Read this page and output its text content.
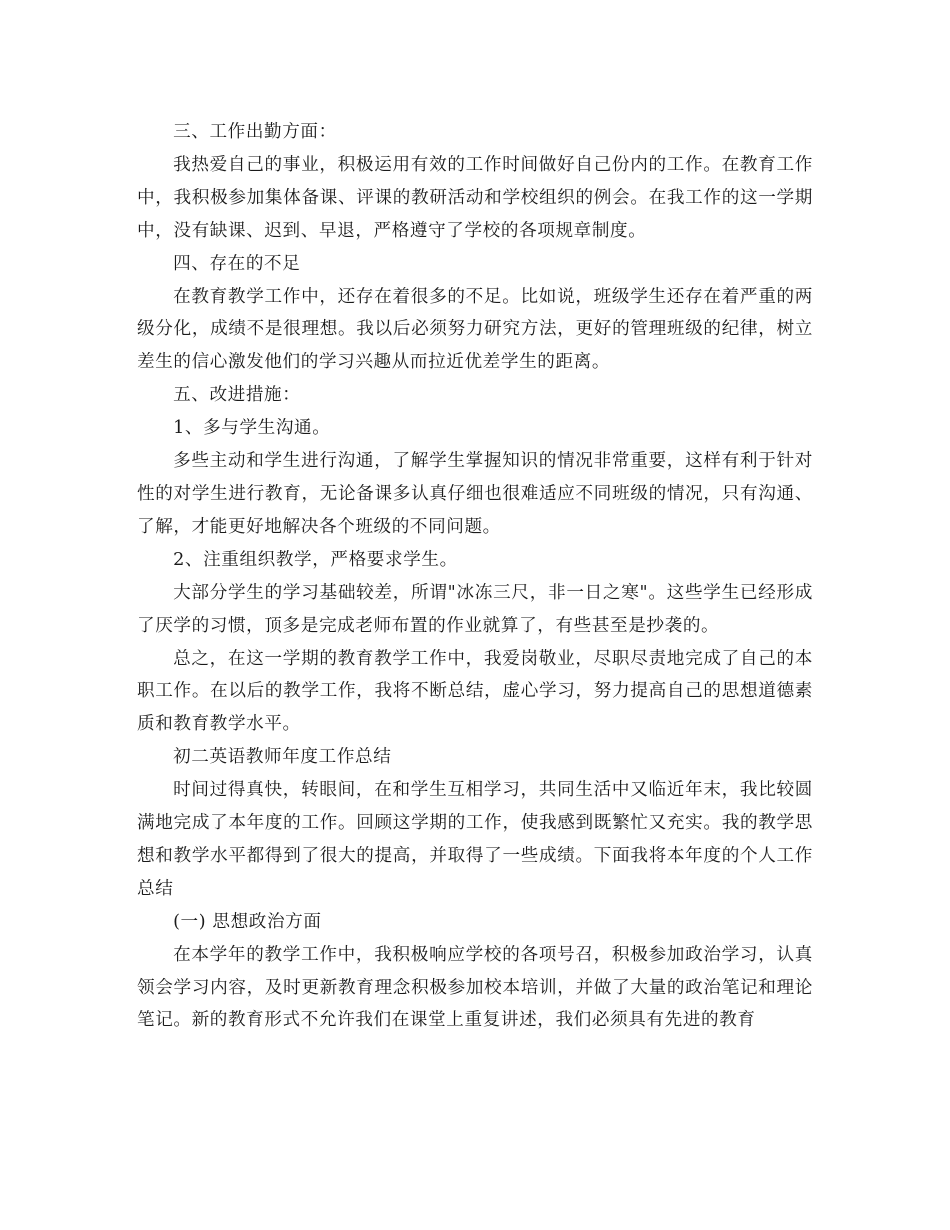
三、工作出勤方面：

我热爱自己的事业，积极运用有效的工作时间做好自己份内的工作。在教育工作中，我积极参加集体备课、评课的教研活动和学校组织的例会。在我工作的这一学期中，没有缺课、迟到、早退，严格遵守了学校的各项规章制度。

四、存在的不足

在教育教学工作中，还存在着很多的不足。比如说，班级学生还存在着严重的两级分化，成绩不是很理想。我以后必须努力研究方法，更好的管理班级的纪律，树立差生的信心激发他们的学习兴趣从而拉近优差学生的距离。

五、改进措施：

1、多与学生沟通。

多些主动和学生进行沟通，了解学生掌握知识的情况非常重要，这样有利于针对性的对学生进行教育，无论备课多认真仔细也很难适应不同班级的情况，只有沟通、了解，才能更好地解决各个班级的不同问题。

2、注重组织教学，严格要求学生。

大部分学生的学习基础较差，所谓"冰冻三尺，非一日之寒"。这些学生已经形成了厌学的习惯，顶多是完成老师布置的作业就算了，有些甚至是抄袭的。

总之，在这一学期的教育教学工作中，我爱岗敬业，尽职尽责地完成了自己的本职工作。在以后的教学工作，我将不断总结，虚心学习，努力提高自己的思想道德素质和教育教学水平。

初二英语教师年度工作总结

时间过得真快，转眼间，在和学生互相学习，共同生活中又临近年末，我比较圆满地完成了本年度的工作。回顾这学期的工作，使我感到既繁忙又充实。我的教学思想和教学水平都得到了很大的提高，并取得了一些成绩。下面我将本年度的个人工作总结

(一) 思想政治方面

在本学年的教学工作中，我积极响应学校的各项号召，积极参加政治学习，认真领会学习内容，及时更新教育理念积极参加校本培训，并做了大量的政治笔记和理论笔记。新的教育形式不允许我们在课堂上重复讲述，我们必须具有先进的教育
